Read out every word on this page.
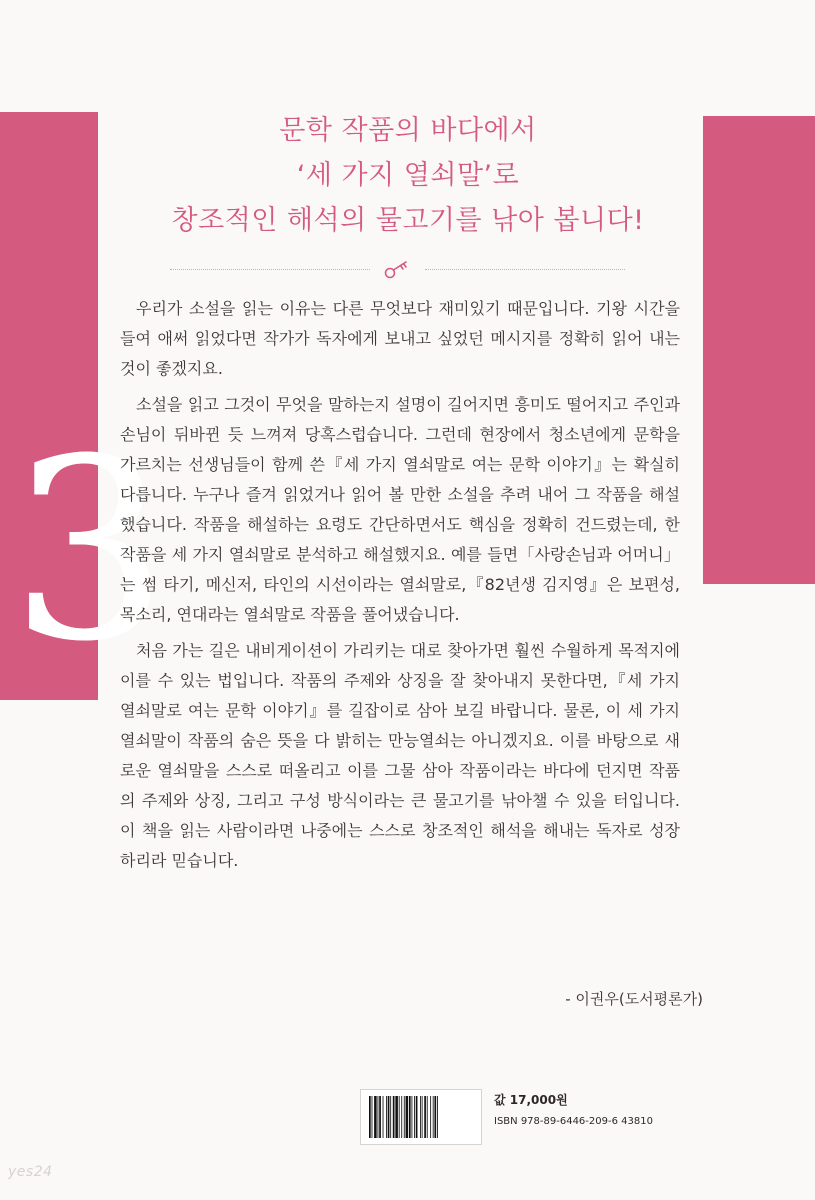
3
문학 작품의 바다에서
‘세 가지 열쇠말’로
창조적인 해석의 물고기를 낚아 봅니다!

우리가 소설을 읽는 이유는 다른 무엇보다 재미있기 때문입니다. 기왕 시간을 들여 애써 읽었다면 작가가 독자에게 보내고 싶었던 메시지를 정확히 읽어 내는 것이 좋겠지요.

소설을 읽고 그것이 무엇을 말하는지 설명이 길어지면 흥미도 떨어지고 주인과 손님이 뒤바뀐 듯 느껴져 당혹스럽습니다. 그런데 현장에서 청소년에게 문학을 가르치는 선생님들이 함께 쓴『세 가지 열쇠말로 여는 문학 이야기』는 확실히 다릅니다. 누구나 즐겨 읽었거나 읽어 볼 만한 소설을 추려 내어 그 작품을 해설했습니다. 작품을 해설하는 요령도 간단하면서도 핵심을 정확히 건드렸는데, 한 작품을 세 가지 열쇠말로 분석하고 해설했지요. 예를 들면「사랑손님과 어머니」는 썸 타기, 메신저, 타인의 시선이라는 열쇠말로,『82년생 김지영』은 보편성, 목소리, 연대라는 열쇠말로 작품을 풀어냈습니다.

처음 가는 길은 내비게이션이 가리키는 대로 찾아가면 훨씬 수월하게 목적지에 이를 수 있는 법입니다. 작품의 주제와 상징을 잘 찾아내지 못한다면,『세 가지 열쇠말로 여는 문학 이야기』를 길잡이로 삼아 보길 바랍니다. 물론, 이 세 가지 열쇠말이 작품의 숨은 뜻을 다 밝히는 만능열쇠는 아니겠지요. 이를 바탕으로 새로운 열쇠말을 스스로 떠올리고 이를 그물 삼아 작품이라는 바다에 던지면 작품의 주제와 상징, 그리고 구성 방식이라는 큰 물고기를 낚아챌 수 있을 터입니다. 이 책을 읽는 사람이라면 나중에는 스스로 창조적인 해석을 해내는 독자로 성장하리라 믿습니다.

- 이권우(도서평론가)
값 17,000원
ISBN 978-89-6446-209-6 43810
yes24
